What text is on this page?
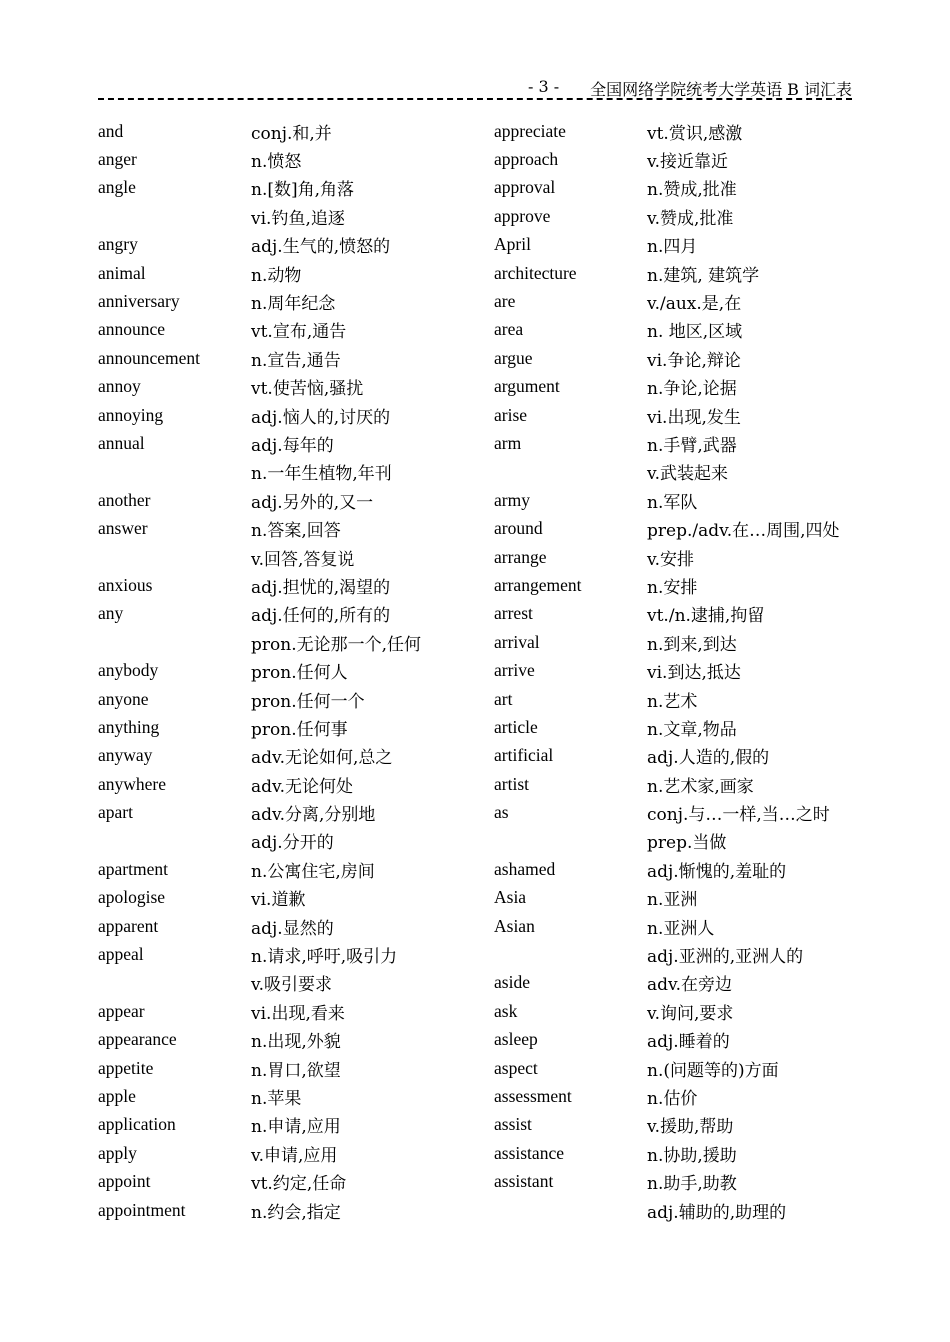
- 3 - 全国网络学院统考大学英语 B 词汇表
and	conj.和,并
anger	n.愤怒
angle	n.[数]角,角落
vi.钓鱼,追逐
angry	adj.生气的,愤怒的
animal	n.动物
anniversary	n.周年纪念
announce	vt.宣布,通告
announcement	n.宣告,通告
annoy	vt.使苦恼,骚扰
annoying	adj.恼人的,讨厌的
annual	adj.每年的
n.一年生植物,年刊
another	adj.另外的,又一
answer	n.答案,回答
v.回答,答复说
anxious	adj.担忧的,渴望的
any	adj.任何的,所有的
pron.无论那一个,任何
anybody	pron.任何人
anyone	pron.任何一个
anything	pron.任何事
anyway	adv.无论如何,总之
anywhere	adv.无论何处
apart	adv.分离,分别地
adj.分开的
apartment	n.公寓住宅,房间
apologise	vi.道歉
apparent	adj.显然的
appeal	n.请求,呼吁,吸引力
v.吸引要求
appear	vi.出现,看来
appearance	n.出现,外貌
appetite	n.胃口,欲望
apple	n.苹果
application	n.申请,应用
apply	v.申请,应用
appoint	vt.约定,任命
appointment	n.约会,指定
appreciate	vt.赏识,感激
approach	v.接近靠近
approval	n.赞成,批准
approve	v.赞成,批准
April	n.四月
architecture	n.建筑, 建筑学
are	v./aux.是,在
area	n. 地区,区域
argue	vi.争论,辩论
argument	n.争论,论据
arise	vi.出现,发生
arm	n.手臂,武器
v.武装起来
army	n.军队
around	prep./adv.在…周围,四处
arrange	v.安排
arrangement	n.安排
arrest	vt./n.逮捕,拘留
arrival	n.到来,到达
arrive	vi.到达,抵达
art	n.艺术
article	n.文章,物品
artificial	adj.人造的,假的
artist	n.艺术家,画家
as	conj.与…一样,当…之时
prep.当做
ashamed	adj.惭愧的,羞耻的
Asia	n.亚洲
Asian	n.亚洲人
adj.亚洲的,亚洲人的
aside	adv.在旁边
ask	v.询问,要求
asleep	adj.睡着的
aspect	n.(问题等的)方面
assessment	n.估价
assist	v.援助,帮助
assistance	n.协助,援助
assistant	n.助手,助教
adj.辅助的,助理的
